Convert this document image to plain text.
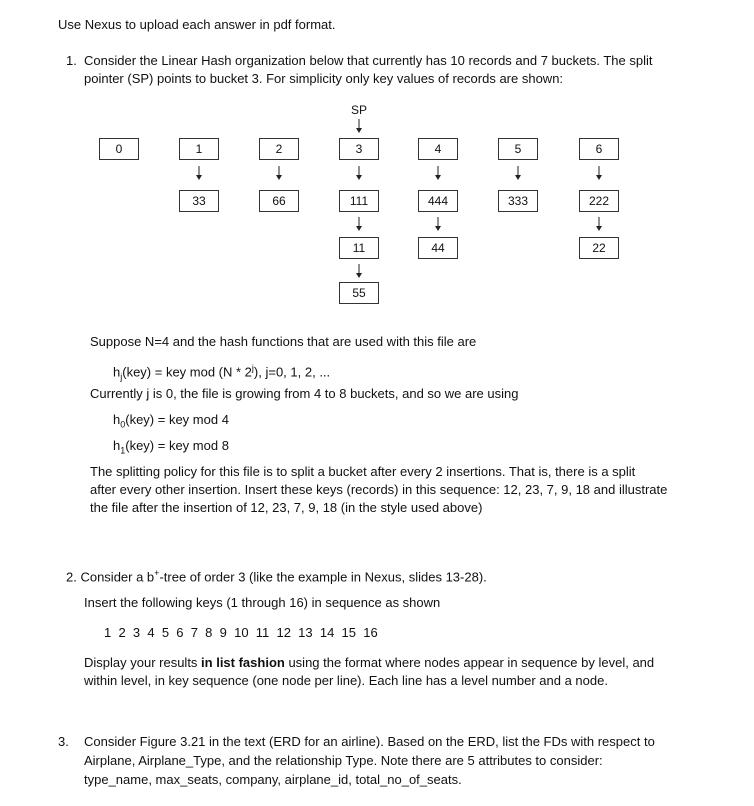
Use Nexus to upload each answer in pdf format.
1. Consider the Linear Hash organization below that currently has 10 records and 7 buckets. The split
pointer (SP) points to bucket 3. For simplicity only key values of records are shown:
SP
0	1	2	3	4	5	6
33	66	111	444	333	222
11	44	22
55
Suppose N=4 and the hash functions that are used with this file are
$h_j(key)$ = key mod (N * 2$^j$), j=0, 1, 2, ...
Currently j is 0, the file is growing from 4 to 8 buckets, and so we are using
$h_0(key)$ = key mod 4
$h_1(key)$ = key mod 8
The splitting policy for this file is to split a bucket after every 2 insertions. That is, there is a split
after every other insertion. Insert these keys (records) in this sequence: 12, 23, 7, 9, 18 and illustrate
the file after the insertion of 12, 23, 7, 9, 18 (in the style used above)
2. Consider a b+-tree of order 3 (like the example in Nexus, slides 13-28).
Insert the following keys (1 through 16) in sequence as shown
1  2  3  4  5  6  7  8  9  10  11  12  13  14  15  16
Display your results in list fashion using the format where nodes appear in sequence by level, and
within level, in key sequence (one node per line). Each line has a level number and a node.
3. Consider Figure 3.21 in the text (ERD for an airline). Based on the ERD, list the FDs with respect to
Airplane, Airplane_Type, and the relationship Type. Note there are 5 attributes to consider:
type_name, max_seats, company, airplane_id, total_no_of_seats.
